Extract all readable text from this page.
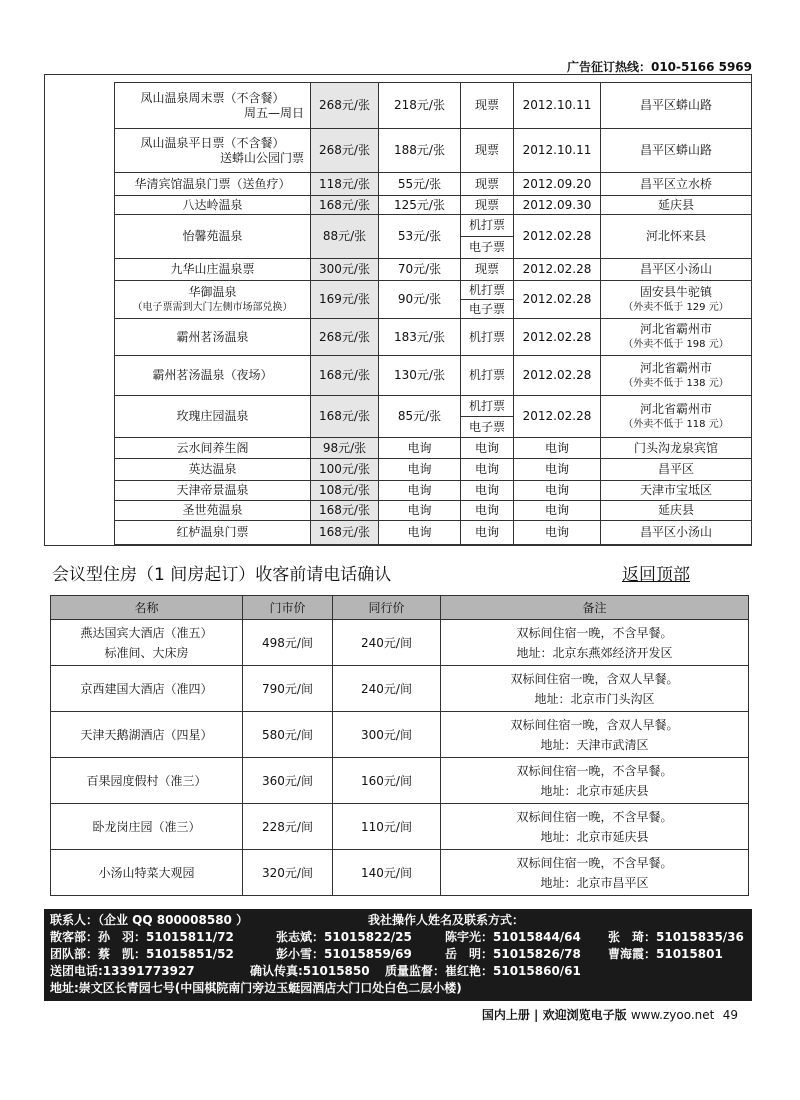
广告征订热线：010-5166 5969
凤山温泉周末票（不含餐）
周五—周日	268元/张	218元/张	现票	2012.10.11	昌平区蟒山路

凤山温泉平日票（不含餐）
送蟒山公园门票	268元/张	188元/张	现票	2012.10.11	昌平区蟒山路

华清宾馆温泉门票（送鱼疗）	118元/张	55元/张	现票	2012.09.20	昌平区立水桥

八达岭温泉	168元/张	125元/张	现票	2012.09.30	延庆县

怡馨苑温泉	88元/张	53元/张	机打票	2012.02.28	河北怀来县

			电子票		

九华山庄温泉票	300元/张	70元/张	现票	2012.02.28	昌平区小汤山

华御温泉
（电子票需到大门左侧市场部兑换）	169元/张	90元/张	机打票	2012.02.28	固安县牛驼镇
（外卖不低于 129 元）

			电子票		

霸州茗汤温泉	268元/张	183元/张	机打票	2012.02.28	河北省霸州市
（外卖不低于 198 元）

霸州茗汤温泉（夜场）	168元/张	130元/张	机打票	2012.02.28	河北省霸州市
（外卖不低于 138 元）

玫瑰庄园温泉	168元/张	85元/张	机打票	2012.02.28	河北省霸州市
（外卖不低于 118 元）

			电子票		

云水间养生阁	98元/张	电询	电询	电询	门头沟龙泉宾馆

英达温泉	100元/张	电询	电询	电询	昌平区

天津帝景温泉	108元/张	电询	电询	电询	天津市宝坻区

圣世苑温泉	168元/张	电询	电询	电询	延庆县

红栌温泉门票	168元/张	电询	电询	电询	昌平区小汤山
会议型住房（1 间房起订）收客前请电话确认	返回顶部
名称	门市价	同行价	备注

燕达国宾大酒店（准五）
标准间、大床房	498元/间	240元/间	双标间住宿一晚，不含早餐。
地址：北京东燕郊经济开发区

京西建国大酒店（准四）	790元/间	240元/间	双标间住宿一晚，含双人早餐。
地址：北京市门头沟区

天津天鹅湖酒店（四星）	580元/间	300元/间	双标间住宿一晚，含双人早餐。
地址：天津市武清区

百果园度假村（准三）	360元/间	160元/间	双标间住宿一晚，不含早餐。
地址：北京市延庆县

卧龙岗庄园（准三）	228元/间	110元/间	双标间住宿一晚，不含早餐。
地址：北京市延庆县

小汤山特菜大观园	320元/间	140元/间	双标间住宿一晚，不含早餐。
地址：北京市昌平区
联系人：（企业 QQ 800008580 ）	我社操作人姓名及联系方式：
散客部：孙　羽：51015811/72	张志斌：51015822/25	陈宇光：51015844/64 张　琦：51015835/36
团队部：蔡　凯：51015851/52	彭小雪：51015859/69	岳　明：51015826/78 曹海霞：51015801
送团电话:13391773927	确认传真:51015850 质量监督：崔红艳：51015860/61
地址:崇文区长青园七号(中国棋院南门旁边玉蜓园酒店大门口处白色二层小楼)
国内上册 | 欢迎浏览电子版 www.zyoo.net 49
